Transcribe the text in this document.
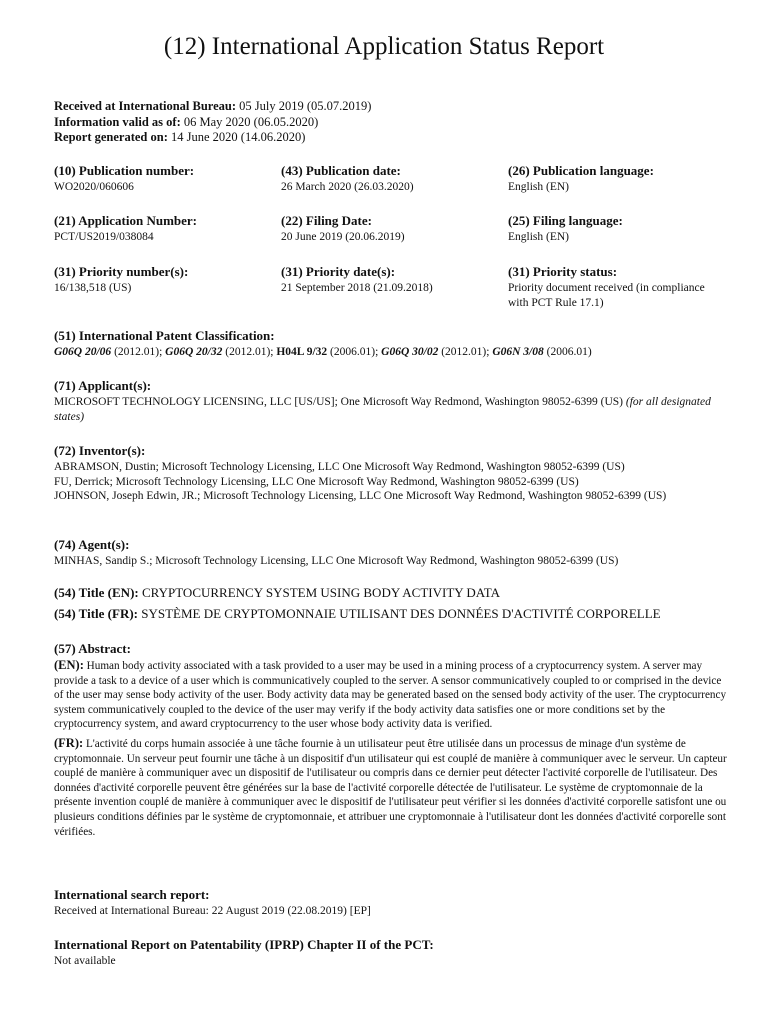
(12) International Application Status Report
Received at International Bureau: 05 July 2019 (05.07.2019)
Information valid as of: 06 May 2020 (06.05.2020)
Report generated on: 14 June 2020 (14.06.2020)
(10) Publication number:
WO2020/060606
(43) Publication date:
26 March 2020 (26.03.2020)
(26) Publication language:
English (EN)
(21) Application Number:
PCT/US2019/038084
(22) Filing Date:
20 June 2019 (20.06.2019)
(25) Filing language:
English (EN)
(31) Priority number(s):
16/138,518 (US)
(31) Priority date(s):
21 September 2018 (21.09.2018)
(31) Priority status:
Priority document received (in compliance
with PCT Rule 17.1)
(51) International Patent Classification:
G06Q 20/06 (2012.01); G06Q 20/32 (2012.01); H04L 9/32 (2006.01); G06Q 30/02 (2012.01); G06N 3/08 (2006.01)
(71) Applicant(s):
MICROSOFT TECHNOLOGY LICENSING, LLC [US/US]; One Microsoft Way Redmond, Washington 98052-6399 (US) (for all designated states)
(72) Inventor(s):
ABRAMSON, Dustin; Microsoft Technology Licensing, LLC One Microsoft Way Redmond, Washington 98052-6399 (US)
FU, Derrick; Microsoft Technology Licensing, LLC One Microsoft Way Redmond, Washington 98052-6399 (US)
JOHNSON, Joseph Edwin, JR.; Microsoft Technology Licensing, LLC One Microsoft Way Redmond, Washington 98052-6399 (US)
(74) Agent(s):
MINHAS, Sandip S.; Microsoft Technology Licensing, LLC One Microsoft Way Redmond, Washington 98052-6399 (US)
(54) Title (EN): CRYPTOCURRENCY SYSTEM USING BODY ACTIVITY DATA
(54) Title (FR): SYSTÈME DE CRYPTOMONNAIE UTILISANT DES DONNÉES D'ACTIVITÉ CORPORELLE
(57) Abstract:
(EN): Human body activity associated with a task provided to a user may be used in a mining process of a cryptocurrency system. A server may provide a task to a device of a user which is communicatively coupled to the server. A sensor communicatively coupled to or comprised in the device of the user may sense body activity of the user. Body activity data may be generated based on the sensed body activity of the user. The cryptocurrency system communicatively coupled to the device of the user may verify if the body activity data satisfies one or more conditions set by the cryptocurrency system, and award cryptocurrency to the user whose body activity data is verified.
(FR): L'activité du corps humain associée à une tâche fournie à un utilisateur peut être utilisée dans un processus de minage d'un système de cryptomonnaie. Un serveur peut fournir une tâche à un dispositif d'un utilisateur qui est couplé de manière à communiquer avec le serveur. Un capteur couplé de manière à communiquer avec un dispositif de l'utilisateur ou compris dans ce dernier peut détecter l'activité corporelle de l'utilisateur. Des données d'activité corporelle peuvent être générées sur la base de l'activité corporelle détectée de l'utilisateur. Le système de cryptomonnaie de la présente invention couplé de manière à communiquer avec le dispositif de l'utilisateur peut vérifier si les données d'activité corporelle satisfont une ou plusieurs conditions définies par le système de cryptomonnaie, et attribuer une cryptomonnaie à l'utilisateur dont les données d'activité corporelle sont vérifiées.
International search report:
Received at International Bureau: 22 August 2019 (22.08.2019) [EP]
International Report on Patentability (IPRP) Chapter II of the PCT:
Not available
